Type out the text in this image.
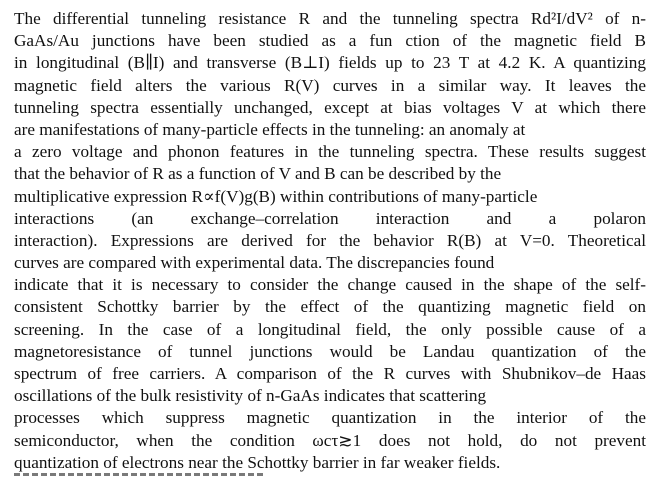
The differential tunneling resistance R and the tunneling spectra Rd²I/dV² of n-
GaAs/Au junctions have been studied as a fun ction of the magnetic field B
in longitudinal (B∥I) and transverse (B⊥I) fields up to 23 T at 4.2 K. A quantizing
magnetic field alters the various R(V) curves in a similar way. It leaves the
tunneling spectra essentially unchanged, except at bias voltages V at which there
are manifestations of many-particle effects in the tunneling: an anomaly at
a zero voltage and phonon features in the tunneling spectra. These results suggest
that the behavior of R as a function of V and B can be described by the
multiplicative expression R∝f(V)g(B) within contributions of many-particle
interactions (an exchange–correlation interaction and a polaron
interaction). Expressions are derived for the behavior R(B) at V=0. Theoretical
curves are compared with experimental data. The discrepancies found
indicate that it is necessary to consider the change caused in the shape of the self-
consistent Schottky barrier by the effect of the quantizing magnetic field on
screening. In the case of a longitudinal field, the only possible cause of a
magnetoresistance of tunnel junctions would be Landau quantization of the
spectrum of free carriers. A comparison of the R curves with Shubnikov–de Haas
oscillations of the bulk resistivity of n-GaAs indicates that scattering
processes which suppress magnetic quantization in the interior of the
semiconductor, when the condition ωcτ≳1 does not hold, do not prevent
quantization of electrons near the Schottky barrier in far weaker fields.
